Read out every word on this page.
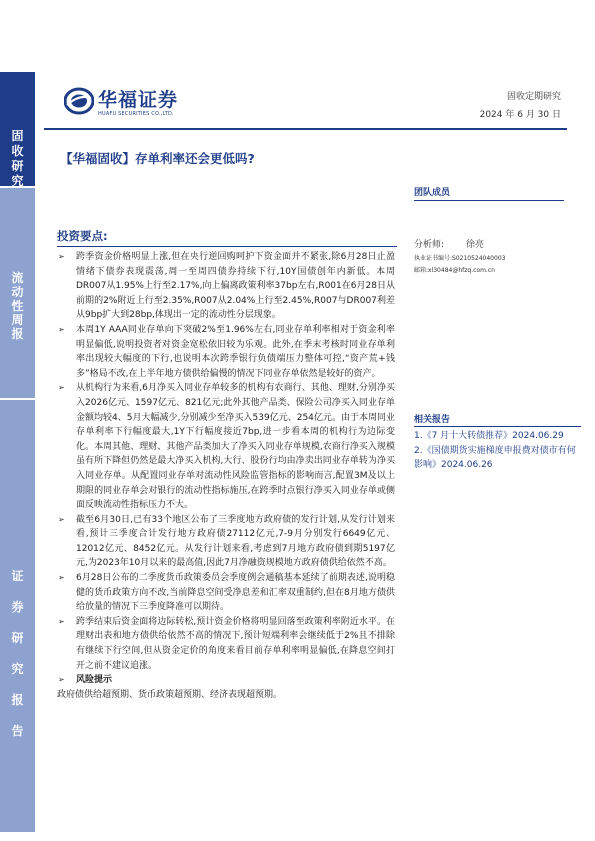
固
收
研
究
流
动
性
周
报
证
券
研
究
报
告
华福证券
HUAFU SECURITIES CO.,LTD.
固收定期研究
2024 年 6 月 30 日
【华福固收】存单利率还会更低吗?
团队成员
分析师: 徐亮
执业证书编号:S0210524040003
邮箱:xl30484@hfzq.com.cn
投资要点:
➢ 跨季资金价格明显上涨,但在央行逆回购呵护下资金面并不紧张,除6月28日止盈情绪下债券表现震荡,周一至周四债券持续下行,10Y国债创年内新低。本周DR007从1.95%上行至2.17%,向上偏离政策利率37bp左右,R001在6月28日从前期的2%附近上行至2.35%,R007从2.04%上行至2.45%,R007与DR007利差从9bp扩大到28bp,体现出一定的流动性分层现象。
➢ 本周1Y AAA同业存单向下突破2%至1.96%左右,同业存单利率相对于资金利率明显偏低,说明投资者对资金宽松依旧较为乐观。此外,在季末考核时同业存单利率出现较大幅度的下行,也说明本次跨季银行负债端压力整体可控,“资产荒+钱多”格局不改,在上半年地方债供给偏慢的情况下同业存单依然是较好的资产。
➢ 从机构行为来看,6月净买入同业存单较多的机构有农商行、其他、理财,分别净买入2026亿元、1597亿元、821亿元;此外其他产品类、保险公司净买入同业存单金额均较4、5月大幅减少,分别减少至净买入539亿元、254亿元。由于本周同业存单利率下行幅度最大,1Y下行幅度接近7bp,进一步看本周的机构行为边际变化。本周其他、理财、其他产品类加大了净买入同业存单规模,农商行净买入规模虽有所下降但仍然是最大净买入机构,大行、股份行均由净卖出同业存单转为净买入同业存单。从配置同业存单对流动性风险监管指标的影响而言,配置3M及以上期限的同业存单会对银行的流动性指标施压,在跨季时点银行净买入同业存单或侧面反映流动性指标压力不大。
➢ 截至6月30日,已有33个地区公布了三季度地方政府债的发行计划,从发行计划来看,预计三季度合计发行地方政府债27112亿元,7-9月分别发行6649亿元、12012亿元、8452亿元。从发行计划来看,考虑到7月地方政府债到期5197亿元,为2023年10月以来的最高值,因此7月净融资规模地方政府债供给依然不高。
➢ 6月28日公布的二季度货币政策委员会季度例会通稿基本延续了前期表述,说明稳健的货币政策方向不改,当前降息空间受净息差和汇率双重制约,但在8月地方债供给放量的情况下三季度降准可以期待。
➢ 跨季结束后资金面将边际转松,预计资金价格将明显回落至政策利率附近水平。在理财出表和地方债供给依然不高的情况下,预计短端利率会继续低于2%且不排除有继续下行空间,但从资金定价的角度来看目前存单利率明显偏低,在降息空间打开之前不建议追涨。
➢ 风险提示
政府债供给超预期、货币政策超预期、经济表现超预期。
相关报告
1.《7 月十大转债推荐》2024.06.29
2.《国债期货实施梯度申报费对债市有何影响》2024.06.26
